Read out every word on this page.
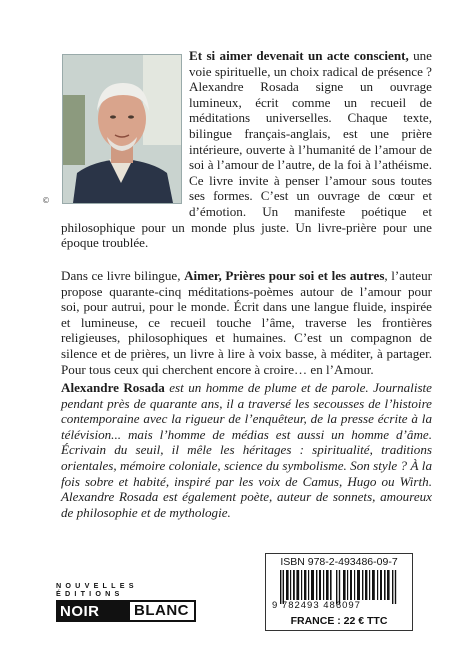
©
Et si aimer devenait un acte conscient, une voie spirituelle, un choix radical de présence ? Alexandre Rosada signe un ouvrage lumineux, écrit comme un recueil de méditations universelles. Chaque texte, bilingue français-anglais, est une prière intérieure, ouverte à l’humanité de l’amour de soi à l’amour de l’autre, de la foi à l’athéisme. Ce livre invite à penser l’amour sous toutes ses formes. C’est un ouvrage de cœur et d’émotion. Un manifeste poétique et philosophique pour un monde plus juste. Un livre-prière pour une époque troublée.
Dans ce livre bilingue, Aimer, Prières pour soi et les autres, l’auteur propose quarante-cinq méditations-poèmes autour de l’amour pour soi, pour autrui, pour le monde. Écrit dans une langue fluide, inspirée et lumineuse, ce recueil touche l’âme, traverse les frontières religieuses, philosophiques et humaines. C’est un compagnon de silence et de prières, un livre à lire à voix basse, à méditer, à partager. Pour tous ceux qui cherchent encore à croire… en l’Amour.
Alexandre Rosada est un homme de plume et de parole. Journaliste pendant près de quarante ans, il a traversé les secousses de l’histoire contemporaine avec la rigueur de l’enquêteur, de la presse écrite à la télévision... mais l’homme de médias est aussi un homme d’âme. Écrivain du seuil, il mêle les héritages : spiritualité, traditions orientales, mémoire coloniale, science du symbolisme. Son style ? À la fois sobre et habité, inspiré par les voix de Camus, Hugo ou Wirth. Alexandre Rosada est également poète, auteur de sonnets, amoureux de philosophie et de mythologie.
NOUVELLES
ÉDITIONS
NOIR AU
BLANC
ISBN 978-2-493486-09-7
9 782493 486097
FRANCE : 22 € TTC
